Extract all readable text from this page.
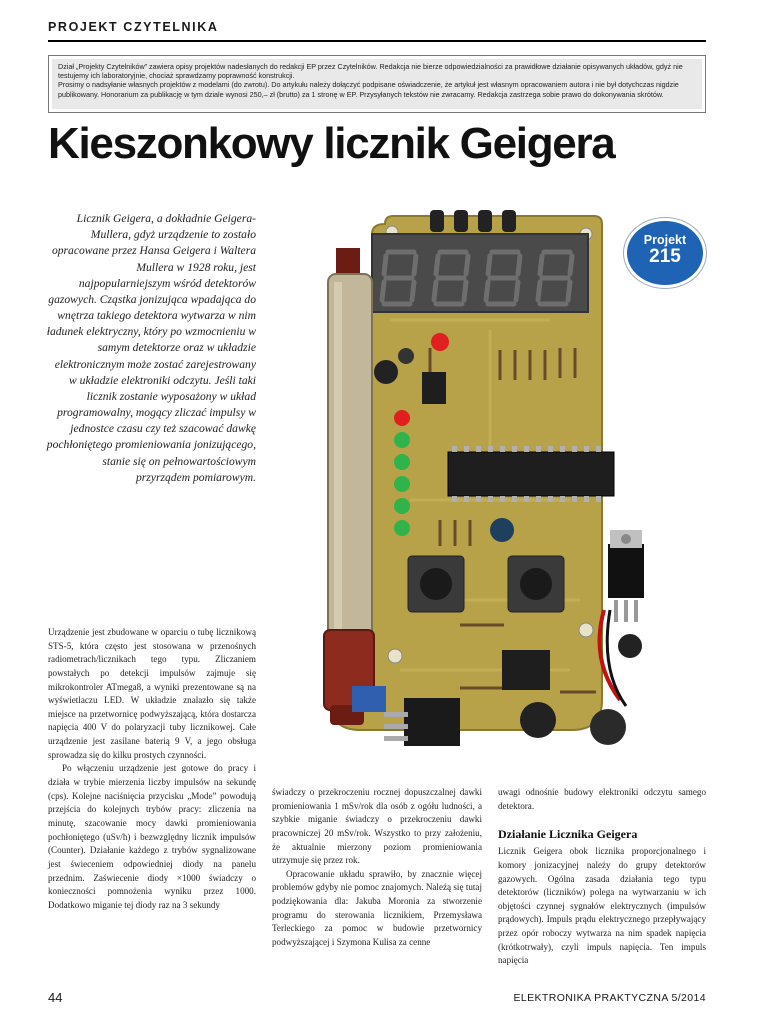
PROJEKT CZYTELNIKA

Dział „Projekty Czytelników” zawiera opisy projektów nadesłanych do redakcji EP przez Czytelników. Redakcja nie bierze odpowiedzialności za prawidłowe działanie opisywanych układów, gdyż nie testujemy ich laboratoryjnie, chociaż sprawdzamy poprawność konstrukcji.

Prosimy o nadsyłanie własnych projektów z modelami (do zwrotu). Do artykułu należy dołączyć podpisane oświadczenie, że artykuł jest własnym opracowaniem autora i nie był dotychczas nigdzie publikowany. Honorarium za publikację w tym dziale wynosi 250,– zł (brutto) za 1 stronę w EP. Przysyłanych tekstów nie zwracamy. Redakcja zastrzega sobie prawo do dokonywania skrótów.

Kieszonkowy licznik Geigera
Licznik Geigera, a dokładnie Geigera-Mullera, gdyż urządzenie to zostało opracowane przez Hansa Geigera i Waltera Mullera w 1928 roku, jest najpopularniejszym wśród detektorów gazowych. Cząstka jonizująca wpadająca do wnętrza takiego detektora wytwarza w nim ładunek elektryczny, który po wzmocnieniu w samym detektorze oraz w układzie elektronicznym może zostać zarejestrowany w układzie elektroniki odczytu. Jeśli taki licznik zostanie wyposażony w układ programowalny, mogący zliczać impulsy w jednostce czasu czy też szacować dawkę pochłoniętego promieniowania jonizującego, stanie się on pełnowartościowym przyrządem pomiarowym.
Projekt
215

Urządzenie jest zbudowane w oparciu o tubę licznikową STS-5, która często jest stosowana w przenośnych radiometrach/licznikach tego typu. Zliczaniem powstałych po detekcji impulsów zajmuje się mikrokontroler ATmega8, a wyniki prezentowane są na wyświetlaczu LED. W układzie znalazło się także miejsce na przetwornicę podwyższającą, która dostarcza napięcia 400 V do polaryzacji tuby licznikowej. Całe urządzenie jest zasilane baterią 9 V, a jego obsługa sprowadza się do kilku prostych czynności.

Po włączeniu urządzenie jest gotowe do pracy i działa w trybie mierzenia liczby impulsów na sekundę (cps). Kolejne naciśnięcia przycisku „Mode” powodują przejścia do kolejnych trybów pracy: zliczenia na minutę, szacowanie mocy dawki promieniowania pochłoniętego (uSv/h) i bezwzględny licznik impulsów (Counter). Działanie każdego z trybów sygnalizowane jest świeceniem odpowiedniej diody na panelu przednim. Zaświecenie diody ×1000 świadczy o konieczności pomnożenia wyniku przez 1000. Dodatkowo miganie tej diody raz na 3 sekundy

świadczy o przekroczeniu rocznej dopuszczalnej dawki promieniowania 1 mSv/rok dla osób z ogółu ludności, a szybkie miganie świadczy o przekroczeniu dawki pracowniczej 20 mSv/rok. Wszystko to przy założeniu, że aktualnie mierzony poziom promieniowania utrzymuje się przez rok.

Opracowanie układu sprawiło, by znacznie więcej problemów gdyby nie pomoc znajomych. Należą się tutaj podziękowania dla: Jakuba Moronia za stworzenie programu do sterowania licznikiem, Przemysława Terleckiego za pomoc w budowie przetwornicy podwyższającej i Szymona Kulisa za cenne

uwagi odnośnie budowy elektroniki odczytu samego detektora.

Działanie Licznika Geigera

Licznik Geigera obok licznika proporcjonalnego i komory jonizacyjnej należy do grupy detektorów gazowych. Ogólna zasada działania tego typu detektorów (liczników) polega na wytwarzaniu w ich objętości czynnej sygnałów elektrycznych (impulsów prądowych). Impuls prądu elektrycznego przepływający przez opór roboczy wytwarza na nim spadek napięcia (krótkotrwały), czyli impuls napięcia. Ten impuls napięcia

44	ELEKTRONIKA PRAKTYCZNA 5/2014
